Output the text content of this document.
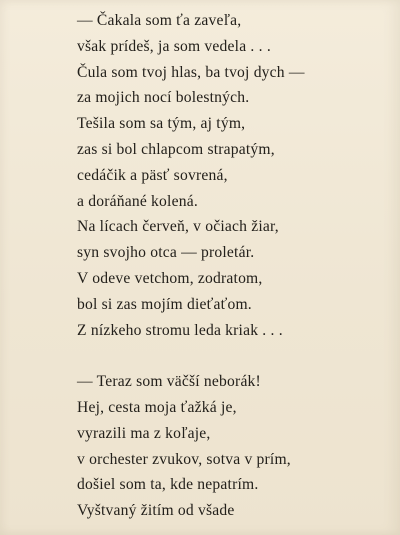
— Čakala som ťa zaveľa,
však prídeš, ja som vedela . . .
Čula som tvoj hlas, ba tvoj dych —
za mojich nocí bolestných.
Tešila som sa tým, aj tým,
zas si bol chlapcom strapatým,
cedáčik a päsť sovrená,
a doráňané kolená.
Na lícach červeň, v očiach žiar,
syn svojho otca — proletár.
V odeve vetchom, zodratom,
bol si zas mojím dieťaťom.
Z nízkeho stromu leda kriak . . .
— Teraz som väčší neborák!
Hej, cesta moja ťažká je,
vyrazili ma z koľaje,
v orchester zvukov, sotva v prím,
došiel som ta, kde nepatrím.
Vyštvaný žitím od všade
